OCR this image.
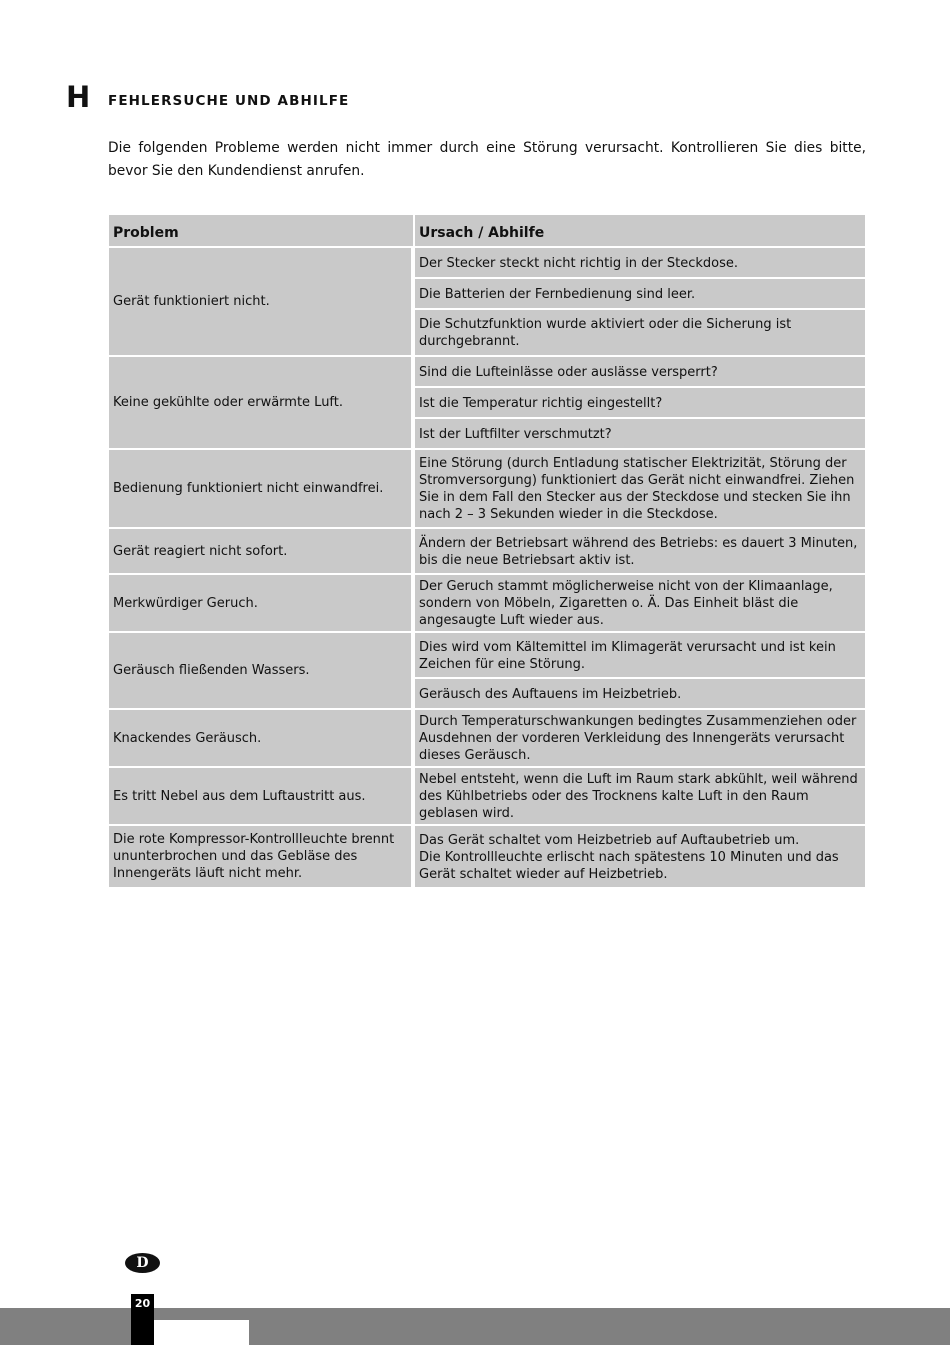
H FEHLERSUCHE UND ABHILFE
Die folgenden Probleme werden nicht immer durch eine Störung verursacht. Kontrollieren Sie dies bitte, bevor Sie den Kundendienst anrufen.
Problem	Ursach / Abhilfe
Gerät funktioniert nicht.
Der Stecker steckt nicht richtig in der Steckdose.
Die Batterien der Fernbedienung sind leer.
Die Schutzfunktion wurde aktiviert oder die Sicherung ist durchgebrannt.
Keine gekühlte oder erwärmte Luft.
Sind die Lufteinlässe oder auslässe versperrt?
Ist die Temperatur richtig eingestellt?
Ist der Luftfilter verschmutzt?
Bedienung funktioniert nicht einwandfrei.
Eine Störung (durch Entladung statischer Elektrizität, Störung der Stromversorgung) funktioniert das Gerät nicht einwandfrei. Ziehen Sie in dem Fall den Stecker aus der Steckdose und stecken Sie ihn nach 2 – 3 Sekunden wieder in die Steckdose.
Gerät reagiert nicht sofort.
Ändern der Betriebsart während des Betriebs: es dauert 3 Minuten, bis die neue Betriebsart aktiv ist.
Merkwürdiger Geruch.
Der Geruch stammt möglicherweise nicht von der Klimaanlage, sondern von Möbeln, Zigaretten o. Ä. Das Einheit bläst die angesaugte Luft wieder aus.
Geräusch fließenden Wassers.
Dies wird vom Kältemittel im Klimagerät verursacht und ist kein Zeichen für eine Störung.
Geräusch des Auftauens im Heizbetrieb.
Knackendes Geräusch.
Durch Temperaturschwankungen bedingtes Zusammenziehen oder Ausdehnen der vorderen Verkleidung des Innengeräts verursacht dieses Geräusch.
Es tritt Nebel aus dem Luftaustritt aus.
Nebel entsteht, wenn die Luft im Raum stark abkühlt, weil während des Kühlbetriebs oder des Trocknens kalte Luft in den Raum geblasen wird.
Die rote Kompressor-Kontrollleuchte brennt ununterbrochen und das Gebläse des Innengeräts läuft nicht mehr.
Das Gerät schaltet vom Heizbetrieb auf Auftaubetrieb um.
Die Kontrollleuchte erlischt nach spätestens 10 Minuten und das Gerät schaltet wieder auf Heizbetrieb.
D
20
